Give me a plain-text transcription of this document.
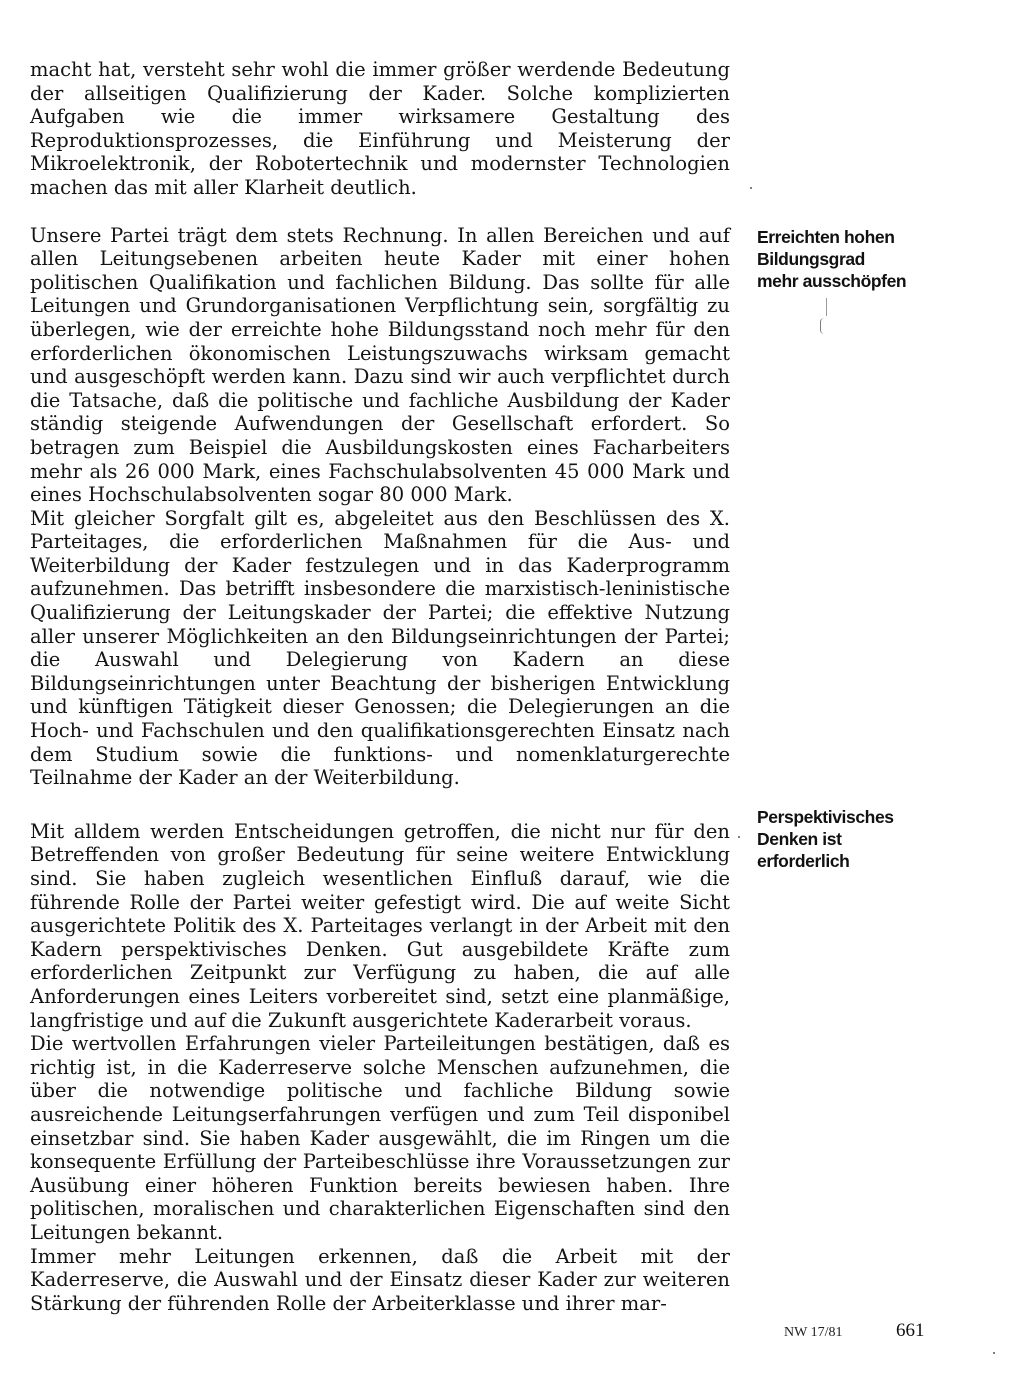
macht hat, versteht sehr wohl die immer größer werdende Bedeutung der allseitigen Qualifizierung der Kader. Solche komplizierten Aufgaben wie die immer wirksamere Gestaltung des Reproduktionsprozesses, die Einführung und Meisterung der Mikroelektronik, der Robotertechnik und modernster Technologien machen das mit aller Klarheit deutlich.

Unsere Partei trägt dem stets Rechnung. In allen Bereichen und auf allen Leitungsebenen arbeiten heute Kader mit einer hohen politischen Qualifikation und fachlichen Bildung. Das sollte für alle Leitungen und Grundorganisationen Verpflichtung sein, sorgfältig zu überlegen, wie der erreichte hohe Bildungsstand noch mehr für den erforderlichen ökonomischen Leistungszuwachs wirksam gemacht und ausgeschöpft werden kann. Dazu sind wir auch verpflichtet durch die Tatsache, daß die politische und fachliche Ausbildung der Kader ständig steigende Aufwendungen der Gesellschaft erfordert. So betragen zum Beispiel die Ausbildungskosten eines Facharbeiters mehr als 26 000 Mark, eines Fachschulabsolventen 45 000 Mark und eines Hochschulabsolventen sogar 80 000 Mark.

Mit gleicher Sorgfalt gilt es, abgeleitet aus den Beschlüssen des X. Parteitages, die erforderlichen Maßnahmen für die Aus- und Weiterbildung der Kader festzulegen und in das Kaderprogramm aufzunehmen. Das betrifft insbesondere die marxistisch-leninistische Qualifizierung der Leitungskader der Partei; die effektive Nutzung aller unserer Möglichkeiten an den Bildungseinrichtungen der Partei; die Auswahl und Delegierung von Kadern an diese Bildungseinrichtungen unter Beachtung der bisherigen Entwicklung und künftigen Tätigkeit dieser Genossen; die Delegierungen an die Hoch- und Fachschulen und den qualifikationsgerechten Einsatz nach dem Studium sowie die funktions- und nomenklaturgerechte Teilnahme der Kader an der Weiterbildung.

Mit alldem werden Entscheidungen getroffen, die nicht nur für den Betreffenden von großer Bedeutung für seine weitere Entwicklung sind. Sie haben zugleich wesentlichen Einfluß darauf, wie die führende Rolle der Partei weiter gefestigt wird. Die auf weite Sicht ausgerichtete Politik des X. Parteitages verlangt in der Arbeit mit den Kadern perspektivisches Denken. Gut ausgebildete Kräfte zum erforderlichen Zeitpunkt zur Verfügung zu haben, die auf alle Anforderungen eines Leiters vorbereitet sind, setzt eine planmäßige, langfristige und auf die Zukunft ausgerichtete Kaderarbeit voraus.

Die wertvollen Erfahrungen vieler Parteileitungen bestätigen, daß es richtig ist, in die Kaderreserve solche Menschen aufzunehmen, die über die notwendige politische und fachliche Bildung sowie ausreichende Leitungserfahrungen verfügen und zum Teil disponibel einsetzbar sind. Sie haben Kader ausgewählt, die im Ringen um die konsequente Erfüllung der Parteibeschlüsse ihre Voraussetzungen zur Ausübung einer höheren Funktion bereits bewiesen haben. Ihre politischen, moralischen und charakterlichen Eigenschaften sind den Leitungen bekannt.

Immer mehr Leitungen erkennen, daß die Arbeit mit der Kaderreserve, die Auswahl und der Einsatz dieser Kader zur weiteren Stärkung der führenden Rolle der Arbeiterklasse und ihrer mar-

Erreichten hohen
Bildungsgrad
mehr ausschöpfen
Perspektivisches
Denken ist
erforderlich
NW 17/81	661
